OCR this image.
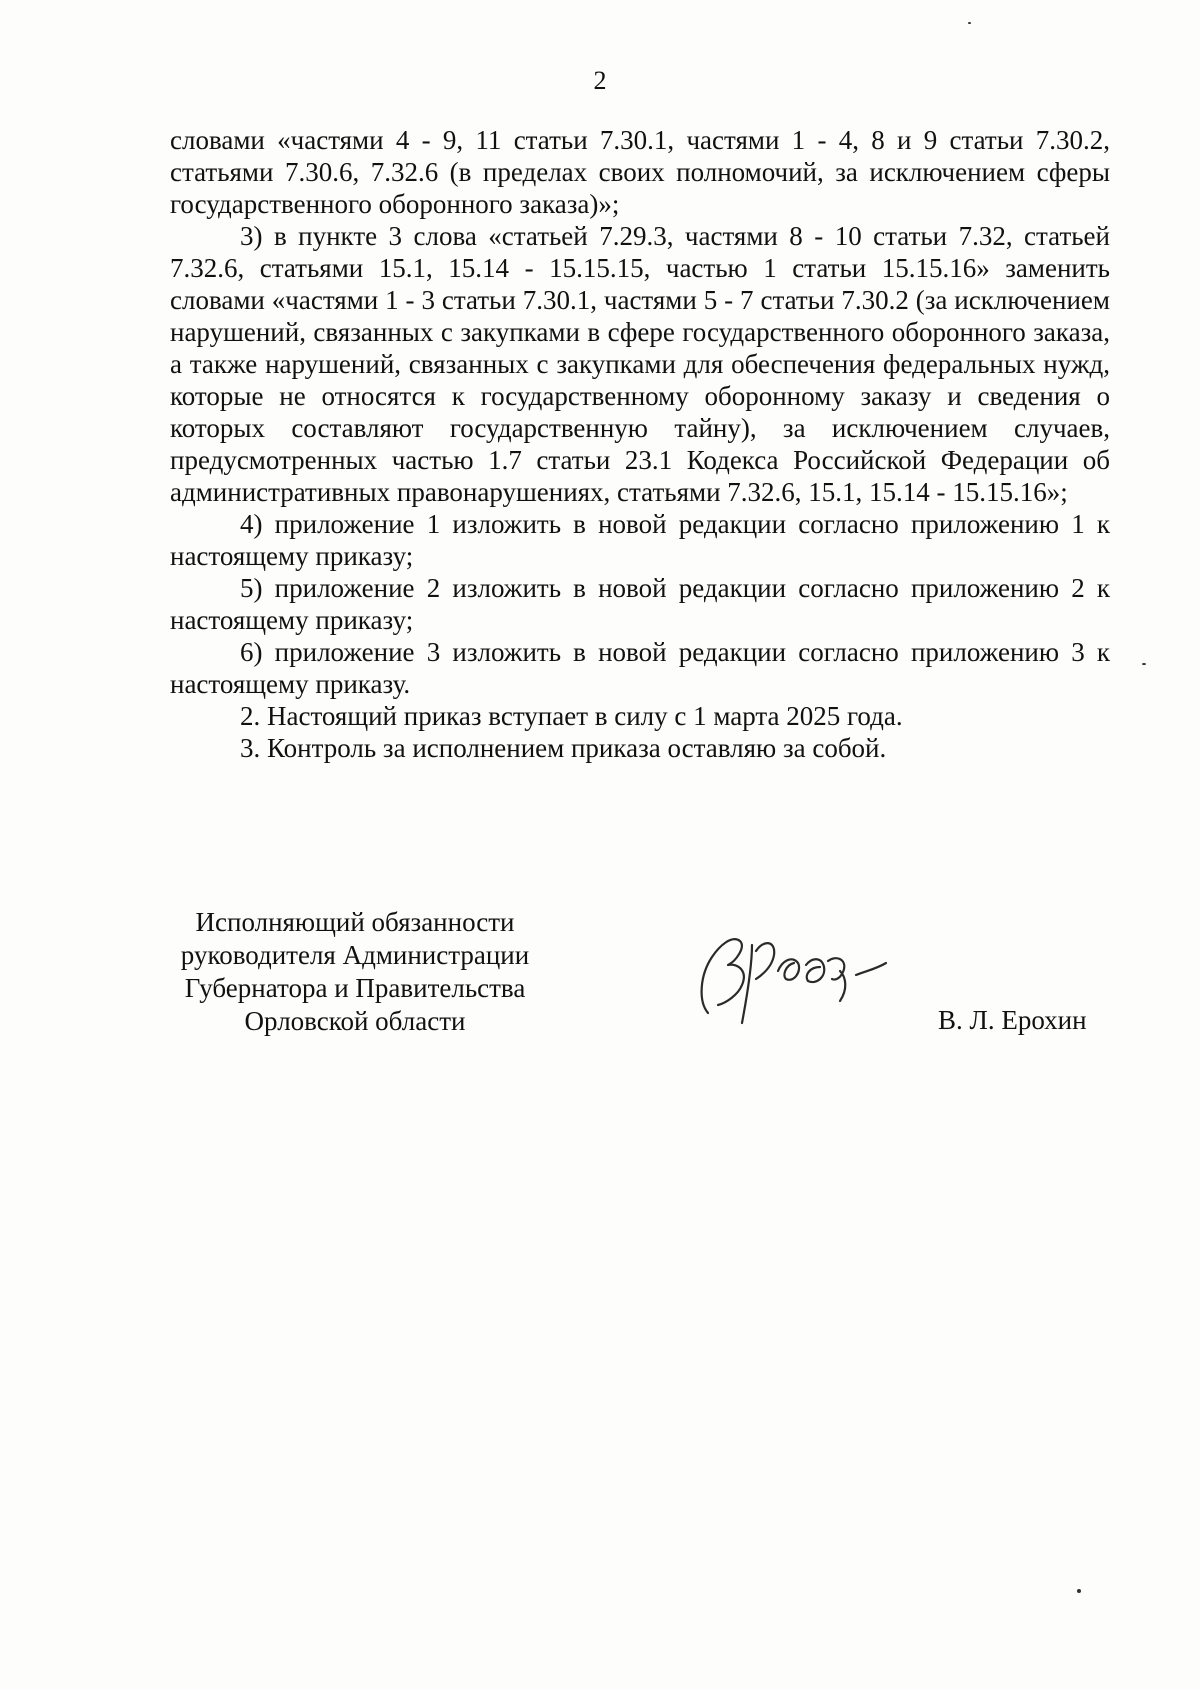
2

словами «частями 4 - 9, 11 статьи 7.30.1, частями 1 - 4, 8 и 9 статьи 7.30.2, статьями 7.30.6, 7.32.6 (в пределах своих полномочий, за исключением сферы государственного оборонного заказа)»;

3) в пункте 3 слова «статьей 7.29.3, частями 8 - 10 статьи 7.32, статьей 7.32.6, статьями 15.1, 15.14 - 15.15.15, частью 1 статьи 15.15.16» заменить словами «частями 1 - 3 статьи 7.30.1, частями 5 - 7 статьи 7.30.2 (за исключением нарушений, связанных с закупками в сфере государственного оборонного заказа, а также нарушений, связанных с закупками для обеспечения федеральных нужд, которые не относятся к государственному оборонному заказу и сведения о которых составляют государственную тайну), за исключением случаев, предусмотренных частью 1.7 статьи 23.1 Кодекса Российской Федерации об административных правонарушениях, статьями 7.32.6, 15.1, 15.14 - 15.15.16»;

4) приложение 1 изложить в новой редакции согласно приложению 1 к настоящему приказу;

5) приложение 2 изложить в новой редакции согласно приложению 2 к настоящему приказу;

6) приложение 3 изложить в новой редакции согласно приложению 3 к настоящему приказу.

2. Настоящий приказ вступает в силу с 1 марта 2025 года.

3. Контроль за исполнением приказа оставляю за собой.

Исполняющий обязанности
руководителя Администрации
Губернатора и Правительства
Орловской области	В. Л. Ерохин
